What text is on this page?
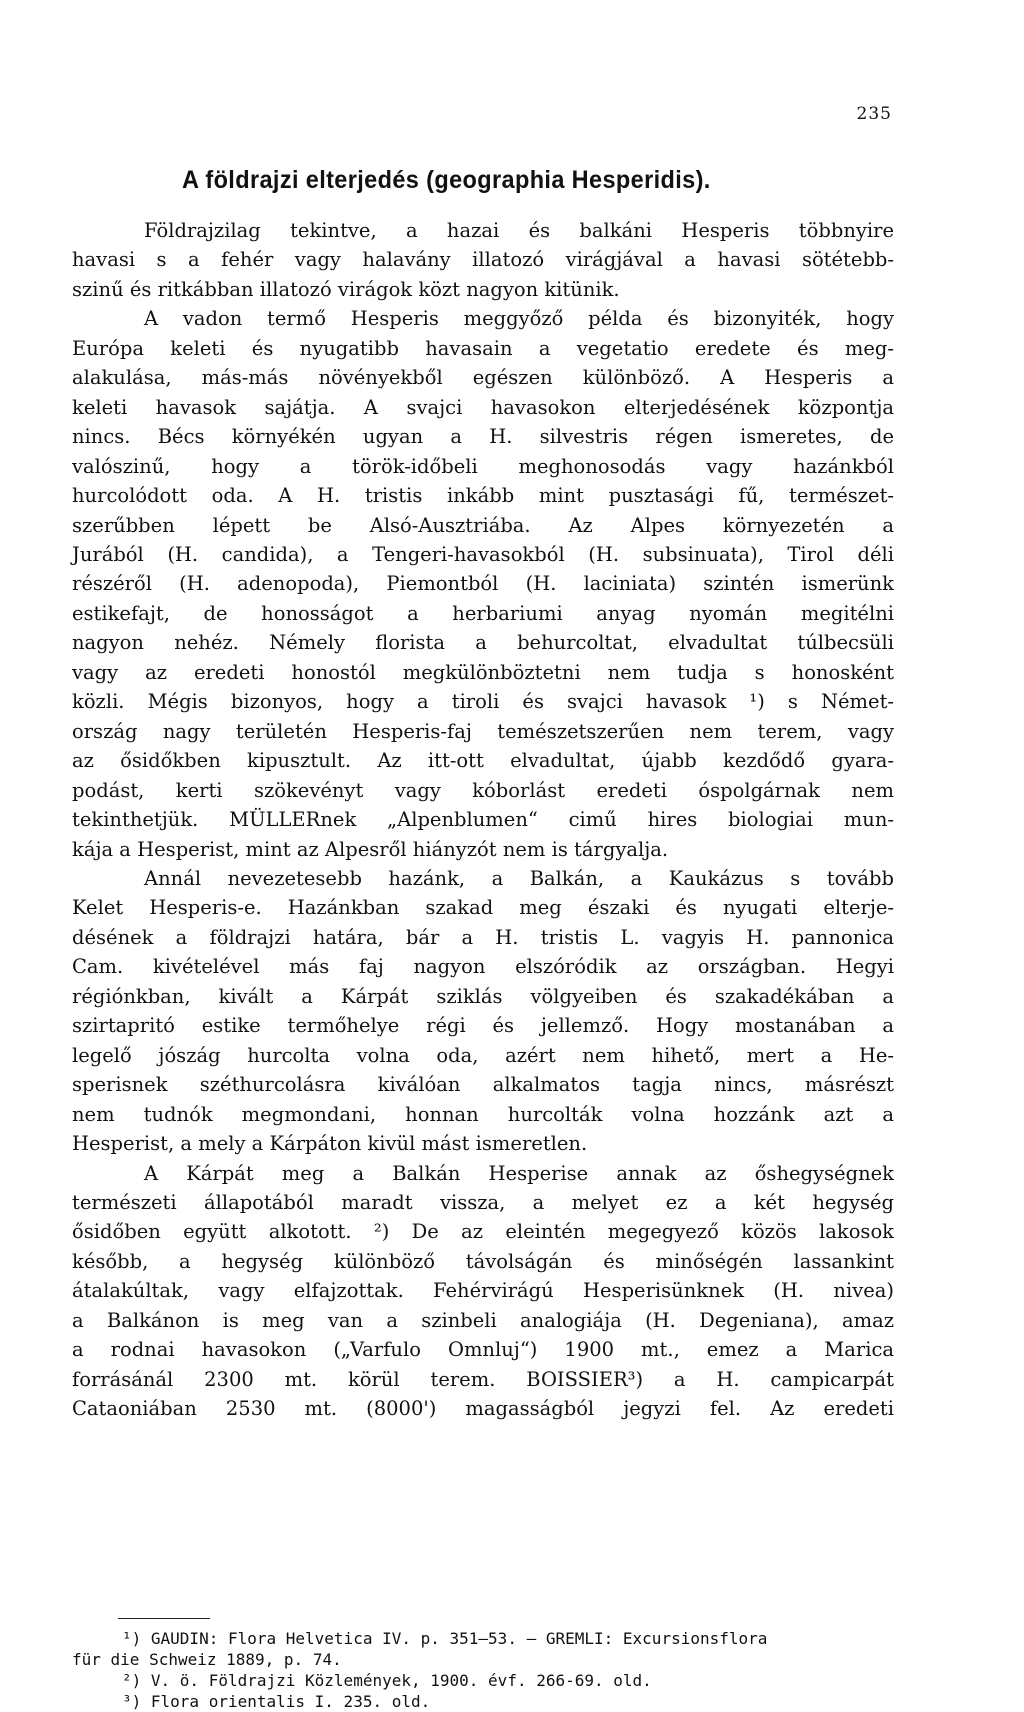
235
A földrajzi elterjedés (geographia Hesperidis).
Földrajzilag tekintve, a hazai és balkáni Hesperis többnyire
havasi s a fehér vagy halavány illatozó virágjával a havasi sötétebb-
szinű és ritkábban illatozó virágok közt nagyon kitünik.
A vadon termő Hesperis meggyőző példa és bizonyiték, hogy
Európa keleti és nyugatibb havasain a vegetatio eredete és meg-
alakulása, más-más növényekből egészen különböző. A Hesperis a
keleti havasok sajátja. A svajci havasokon elterjedésének központja
nincs. Bécs környékén ugyan a H. silvestris régen ismeretes, de
valószinű, hogy a török-időbeli meghonosodás vagy hazánkból
hurcolódott oda. A H. tristis inkább mint pusztasági fű, természet-
szerűbben lépett be Alsó-Ausztriába. Az Alpes környezetén a
Jurából (H. candida), a Tengeri-havasokból (H. subsinuata), Tirol déli
részéről (H. adenopoda), Piemontból (H. laciniata) szintén ismerünk
estikefajt, de honosságot a herbariumi anyag nyomán megitélni
nagyon nehéz. Némely florista a behurcoltat, elvadultat túlbecsüli
vagy az eredeti honostól megkülönböztetni nem tudja s honosként
közli. Mégis bizonyos, hogy a tiroli és svajci havasok ¹) s Német-
ország nagy területén Hesperis-faj temészetszerűen nem terem, vagy
az ősidőkben kipusztult. Az itt-ott elvadultat, újabb kezdődő gyara-
podást, kerti szökevényt vagy kóborlást eredeti óspolgárnak nem
tekinthetjük. MÜLLERnek „Alpenblumen“ cimű hires biologiai mun-
kája a Hesperist, mint az Alpesről hiányzót nem is tárgyalja.
Annál nevezetesebb hazánk, a Balkán, a Kaukázus s tovább
Kelet Hesperis-e. Hazánkban szakad meg északi és nyugati elterje-
désének a földrajzi határa, bár a H. tristis L. vagyis H. pannonica
Cam. kivételével más faj nagyon elszóródik az országban. Hegyi
régiónkban, kivált a Kárpát sziklás völgyeiben és szakadékában a
szirtapritó estike termőhelye régi és jellemző. Hogy mostanában a
legelő jószág hurcolta volna oda, azért nem hihető, mert a He-
sperisnek széthurcolásra kiválóan alkalmatos tagja nincs, másrészt
nem tudnók megmondani, honnan hurcolták volna hozzánk azt a
Hesperist, a mely a Kárpáton kivül mást ismeretlen.
A Kárpát meg a Balkán Hesperise annak az őshegységnek
természeti állapotából maradt vissza, a melyet ez a két hegység
ősidőben együtt alkotott. ²) De az eleintén megegyező közös lakosok
később, a hegység különböző távolságán és minőségén lassankint
átalakúltak, vagy elfajzottak. Fehérvirágú Hesperisünknek (H. nivea)
a Balkánon is meg van a szinbeli analogiája (H. Degeniana), amaz
a rodnai havasokon („Varfulo Omnluj“) 1900 mt., emez a Marica
forrásánál 2300 mt. körül terem. BOISSIER³) a H. campicarpát
Cataoniában 2530 mt. (8000') magasságból jegyzi fel. Az eredeti
¹) GAUDIN: Flora Helvetica IV. p. 351—53. — GREMLI: Excursionsflora
für die Schweiz 1889, p. 74.
²) V. ö. Földrajzi Közlemények, 1900. évf. 266-69. old.
³) Flora orientalis I. 235. old.
